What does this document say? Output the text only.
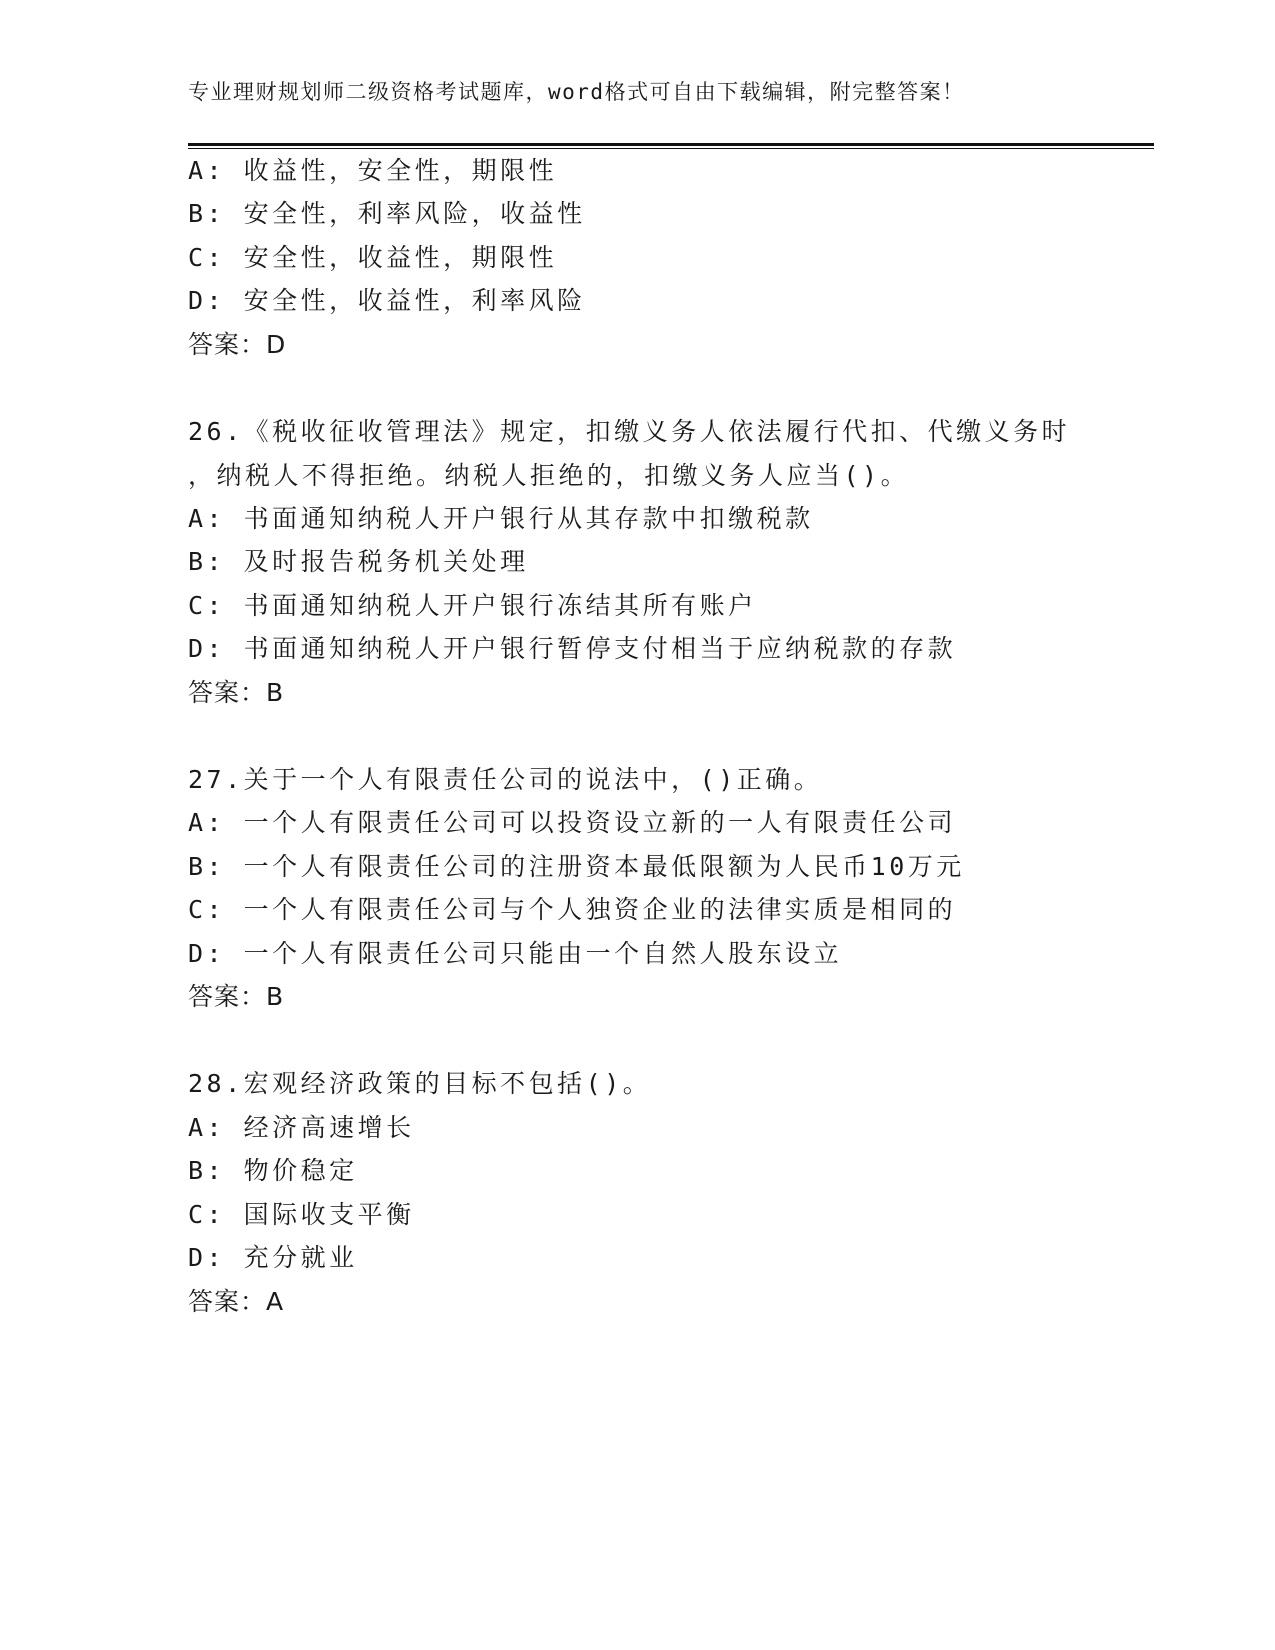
专业理财规划师二级资格考试题库，word格式可自由下载编辑，附完整答案！
A: 收益性，安全性，期限性
B: 安全性，利率风险，收益性
C: 安全性，收益性，期限性
D: 安全性，收益性，利率风险
答案：D
26.《税收征收管理法》规定，扣缴义务人依法履行代扣、代缴义务时
，纳税人不得拒绝。纳税人拒绝的，扣缴义务人应当()。
A: 书面通知纳税人开户银行从其存款中扣缴税款
B: 及时报告税务机关处理
C: 书面通知纳税人开户银行冻结其所有账户
D: 书面通知纳税人开户银行暂停支付相当于应纳税款的存款
答案：B
27.关于一个人有限责任公司的说法中，()正确。
A: 一个人有限责任公司可以投资设立新的一人有限责任公司
B: 一个人有限责任公司的注册资本最低限额为人民币10万元
C: 一个人有限责任公司与个人独资企业的法律实质是相同的
D: 一个人有限责任公司只能由一个自然人股东设立
答案：B
28.宏观经济政策的目标不包括()。
A: 经济高速增长
B: 物价稳定
C: 国际收支平衡
D: 充分就业
答案：A
